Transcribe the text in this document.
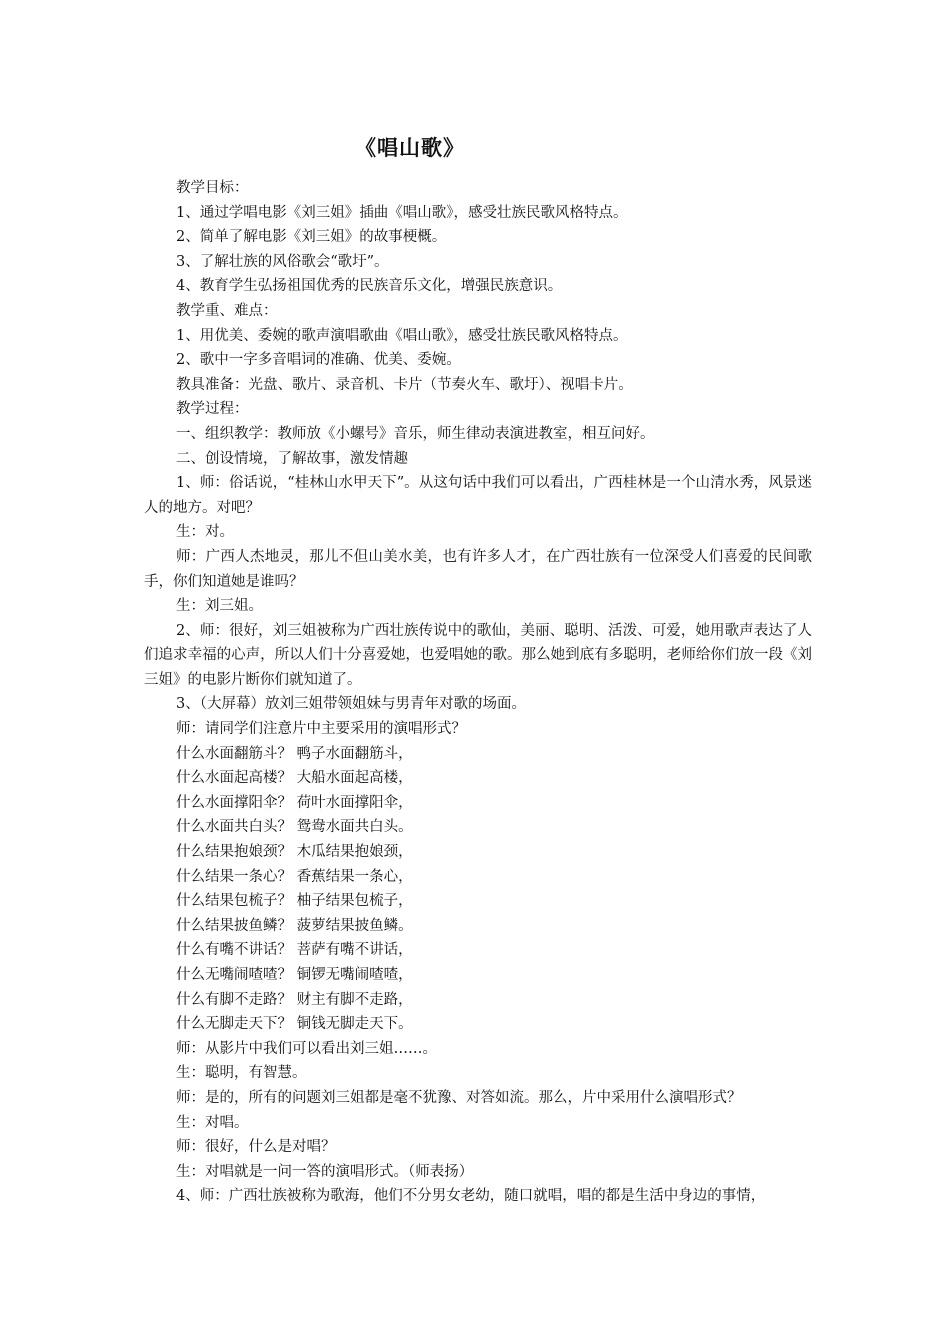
《唱山歌》

教学目标：

1、通过学唱电影《刘三姐》插曲《唱山歌》，感受壮族民歌风格特点。

2、简单了解电影《刘三姐》的故事梗概。

3、了解壮族的风俗歌会“歌圩”。

4、教育学生弘扬祖国优秀的民族音乐文化，增强民族意识。

教学重、难点：

1、用优美、委婉的歌声演唱歌曲《唱山歌》，感受壮族民歌风格特点。

2、歌中一字多音唱词的准确、优美、委婉。

教具准备：光盘、歌片、录音机、卡片（节奏火车、歌圩）、视唱卡片。

教学过程：

一、组织教学：教师放《小螺号》音乐，师生律动表演进教室，相互问好。

二、创设情境，了解故事，激发情趣

1、师：俗话说，“桂林山水甲天下”。从这句话中我们可以看出，广西桂林是一个山清水秀，风景迷人的地方。对吧？

生：对。

师：广西人杰地灵，那儿不但山美水美，也有许多人才，在广西壮族有一位深受人们喜爱的民间歌手，你们知道她是谁吗？

生：刘三姐。

2、师：很好，刘三姐被称为广西壮族传说中的歌仙，美丽、聪明、活泼、可爱，她用歌声表达了人们追求幸福的心声，所以人们十分喜爱她，也爱唱她的歌。那么她到底有多聪明，老师给你们放一段《刘三姐》的电影片断你们就知道了。

3、（大屏幕）放刘三姐带领姐妹与男青年对歌的场面。

师：请同学们注意片中主要采用的演唱形式？

什么水面翻筋斗？ 鸭子水面翻筋斗，

什么水面起高楼？ 大船水面起高楼，

什么水面撑阳伞？ 荷叶水面撑阳伞，

什么水面共白头？ 鸳鸯水面共白头。

什么结果抱娘颈？ 木瓜结果抱娘颈，

什么结果一条心？ 香蕉结果一条心，

什么结果包梳子？ 柚子结果包梳子，

什么结果披鱼鳞？ 菠萝结果披鱼鳞。

什么有嘴不讲话？ 菩萨有嘴不讲话，

什么无嘴闹喳喳？ 铜锣无嘴闹喳喳，

什么有脚不走路？ 财主有脚不走路，

什么无脚走天下？ 铜钱无脚走天下。

师：从影片中我们可以看出刘三姐……。

生：聪明，有智慧。

师：是的，所有的问题刘三姐都是毫不犹豫、对答如流。那么，片中采用什么演唱形式？

生：对唱。

师：很好，什么是对唱？

生：对唱就是一问一答的演唱形式。（师表扬）

4、师：广西壮族被称为歌海，他们不分男女老幼，随口就唱，唱的都是生活中身边的事情，
